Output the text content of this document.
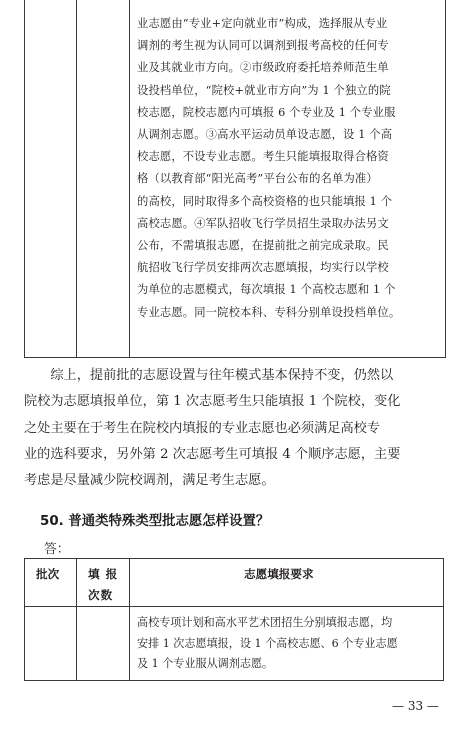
业志愿由“专业+定向就业市”构成，选择服从专业

调剂的考生视为认同可以调剂到报考高校的任何专

业及其就业市方向。②市级政府委托培养师范生单

设投档单位，“院校+就业市方向”为 1 个独立的院

校志愿，院校志愿内可填报 6 个专业及 1 个专业服

从调剂志愿。③高水平运动员单设志愿，设 1 个高

校志愿，不设专业志愿。考生只能填报取得合格资

格（以教育部“阳光高考”平台公布的名单为准）

的高校，同时取得多个高校资格的也只能填报 1 个

高校志愿。④军队招收飞行学员招生录取办法另文

公布，不需填报志愿，在提前批之前完成录取。民

航招收飞行学员安排两次志愿填报，均实行以学校

为单位的志愿模式，每次填报 1 个高校志愿和 1 个

专业志愿。同一院校本科、专科分别单设投档单位。

　　综上，提前批的志愿设置与往年模式基本保持不变，仍然以

院校为志愿填报单位，第 1 次志愿考生只能填报 1 个院校，变化

之处主要在于考生在院校内填报的专业志愿也必须满足高校专

业的选科要求，另外第 2 次志愿考生可填报 4 个顺序志愿，主要

考虑是尽量减少院校调剂，满足考生志愿。

50. 普通类特殊类型批志愿怎样设置？
答：
批次 填报
次数
志愿填报要求

高校专项计划和高水平艺术团招生分别填报志愿，均

安排 1 次志愿填报，设 1 个高校志愿、6 个专业志愿

及 1 个专业服从调剂志愿。

— 33 —
